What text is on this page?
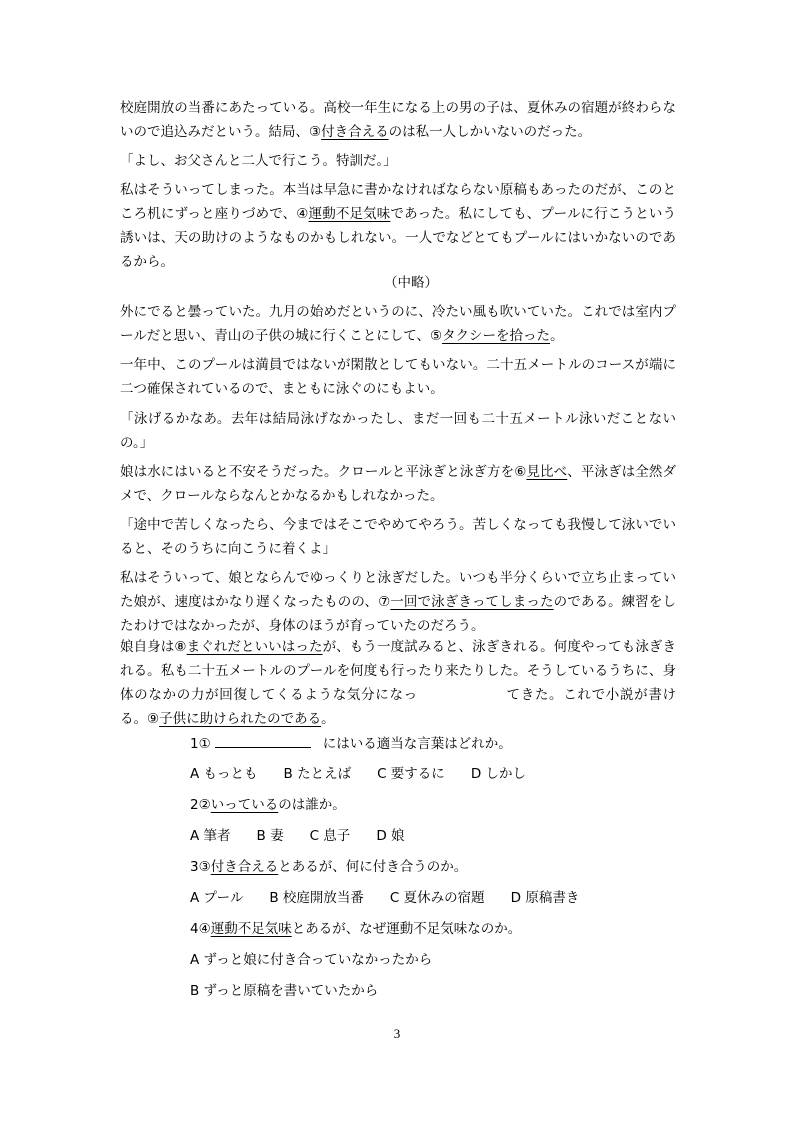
校庭開放の当番にあたっている。高校一年生になる上の男の子は、夏休みの宿題が終わらないので追込みだという。結局、③付き合えるのは私一人しかいないのだった。

「よし、お父さんと二人で行こう。特訓だ。」

私はそういってしまった。本当は早急に書かなければならない原稿もあったのだが、このところ机にずっと座りづめで、④運動不足気味であった。私にしても、プールに行こうという誘いは、天の助けのようなものかもしれない。一人でなどとてもプールにはいかないのであるから。

（中略）

外にでると曇っていた。九月の始めだというのに、冷たい風も吹いていた。これでは室内プールだと思い、青山の子供の城に行くことにして、⑤タクシーを拾った。

一年中、このプールは満員ではないが閑散としてもいない。二十五メートルのコースが端に二つ確保されているので、まともに泳ぐのにもよい。

「泳げるかなあ。去年は結局泳げなかったし、まだ一回も二十五メートル泳いだことないの。」

娘は水にはいると不安そうだった。クロールと平泳ぎと泳ぎ方を⑥見比べ、平泳ぎは全然ダメで、クロールならなんとかなるかもしれなかった。

「途中で苦しくなったら、今まではそこでやめてやろう。苦しくなっても我慢して泳いでいると、そのうちに向こうに着くよ」

私はそういって、娘とならんでゆっくりと泳ぎだした。いつも半分くらいで立ち止まっていた娘が、速度はかなり遅くなったものの、⑦一回で泳ぎきってしまったのである。練習をしたわけではなかったが、身体のほうが育っていたのだろう。

娘自身は⑧まぐれだといいはったが、もう一度試みると、泳ぎきれる。何度やっても泳ぎきれる。私も二十五メートルのプールを何度も行ったり来たりした。そうしているうちに、身体のなかの力が回復してくるような気分になっ	てきた。これで小説が書ける。⑨子供に助けられたのである。

1①	にはいる適当な言葉はどれか。
A もっとも B たとえば C 要するに D しかし
2②いっているのは誰か。
A 筆者 B 妻 C 息子 D 娘
3③付き合えるとあるが、何に付き合うのか。
A プール B 校庭開放当番 C 夏休みの宿題 D 原稿書き
4④運動不足気味とあるが、なぜ運動不足気味なのか。
A ずっと娘に付き合っていなかったから
B ずっと原稿を書いていたから
3
